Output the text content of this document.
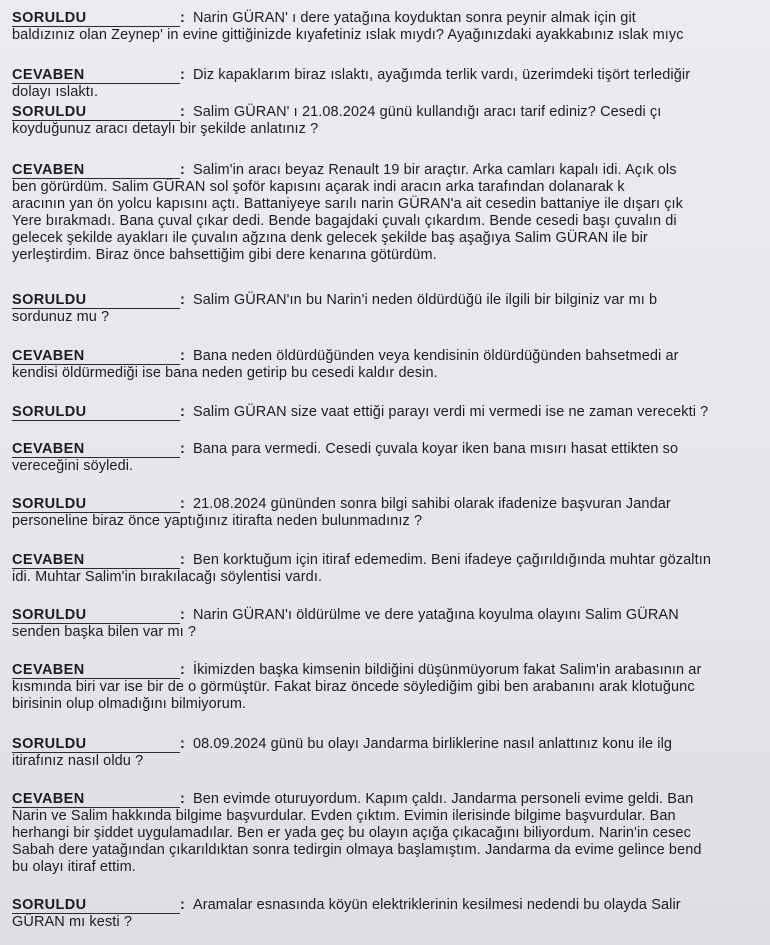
SORULDU	: Narin GÜRAN' ı dere yatağına koyduktan sonra peynir almak için git
baldızınız olan Zeynep' in evine gittiğinizde kıyafetiniz ıslak mıydı? Ayağınızdaki ayakkabınız ıslak mıyc
CEVABEN	: Diz kapaklarım biraz ıslaktı, ayağımda terlik vardı, üzerimdeki tişört terlediğir
dolayı ıslaktı.
SORULDU	: Salim GÜRAN' ı 21.08.2024 günü kullandığı aracı tarif ediniz? Cesedi çı
koyduğunuz aracı detaylı bir şekilde anlatınız ?
CEVABEN	: Salim'in aracı beyaz Renault 19 bir araçtır. Arka camları kapalı idi. Açık ols
ben görürdüm. Salim GÜRAN sol şoför kapısını açarak indi aracın arka tarafından dolanarak k
aracının yan ön yolcu kapısını açtı. Battaniyeye sarılı narin GÜRAN'a ait cesedin battaniye ile dışarı çık
Yere bırakmadı. Bana çuval çıkar dedi. Bende bagajdaki çuvalı çıkardım. Bende cesedi başı çuvalın di
gelecek şekilde ayakları ile çuvalın ağzına denk gelecek şekilde baş aşağıya Salim GÜRAN ile bir
yerleştirdim. Biraz önce bahsettiğim gibi dere kenarına götürdüm.
SORULDU	: Salim GÜRAN'ın bu Narin'i neden öldürdüğü ile ilgili bir bilginiz var mı b
sordunuz mu ?
CEVABEN	: Bana neden öldürdüğünden veya kendisinin öldürdüğünden bahsetmedi ar
kendisi öldürmediği ise bana neden getirip bu cesedi kaldır desin.
SORULDU	: Salim GÜRAN size vaat ettiği parayı verdi mi vermedi ise ne zaman verecekti ?
CEVABEN	: Bana para vermedi. Cesedi çuvala koyar iken bana mısırı hasat ettikten so
vereceğini söyledi.
SORULDU	: 21.08.2024 gününden sonra bilgi sahibi olarak ifadenize başvuran Jandar
personeline biraz önce yaptığınız itirafta neden bulunmadınız ?
CEVABEN	: Ben korktuğum için itiraf edemedim. Beni ifadeye çağırıldığında muhtar gözaltın
idi. Muhtar Salim'in bırakılacağı söylentisi vardı.
SORULDU	: Narin GÜRAN'ı öldürülme ve dere yatağına koyulma olayını Salim GÜRAN
senden başka bilen var mı ?
CEVABEN	: İkimizden başka kimsenin bildiğini düşünmüyorum fakat Salim'in arabasının ar
kısmında biri var ise bir de o görmüştür. Fakat biraz öncede söylediğim gibi ben arabanını arak klotuğunc
birisinin olup olmadığını bilmiyorum.
SORULDU	: 08.09.2024 günü bu olayı Jandarma birliklerine nasıl anlattınız konu ile ilg
itirafınız nasıl oldu ?
CEVABEN	: Ben evimde oturuyordum. Kapım çaldı. Jandarma personeli evime geldi. Ban
Narin ve Salim hakkında bilgime başvurdular. Evden çıktım. Evimin ilerisinde bilgime başvurdular. Ban
herhangi bir şiddet uygulamadılar. Ben er yada geç bu olayın açığa çıkacağını biliyordum. Narin'in cesec
Sabah dere yatağından çıkarıldıktan sonra tedirgin olmaya başlamıştım. Jandarma da evime gelince bend
bu olayı itiraf ettim.
SORULDU	: Aramalar esnasında köyün elektriklerinin kesilmesi nedendi bu olayda Salir
GÜRAN mı kesti ?
